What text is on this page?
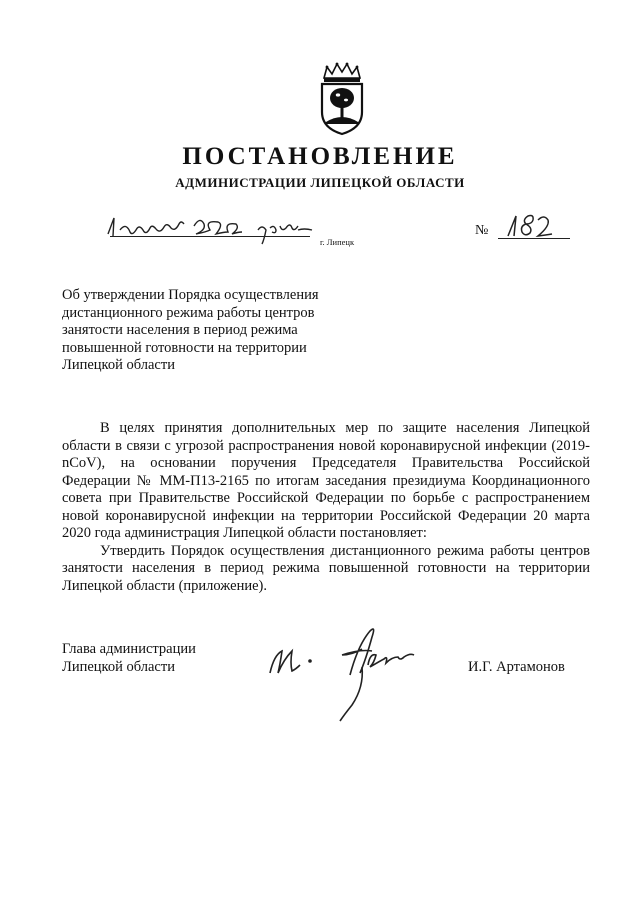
ПОСТАНОВЛЕНИЕ
АДМИНИСТРАЦИИ ЛИПЕЦКОЙ ОБЛАСТИ
г. Липецк
№
Об утверждении Порядка осуществления
дистанционного режима работы центров
занятости населения в период режима
повышенной готовности на территории
Липецкой области

В целях принятия дополнительных мер по защите населения Липецкой области в связи с угрозой распространения новой коронавирусной инфекции (2019-nCoV), на основании поручения Председателя Правительства Российской Федерации № ММ-П13-2165 по итогам заседания президиума Координационного совета при Правительстве Российской Федерации по борьбе с распространением новой коронавирусной инфекции на территории Российской Федерации 20 марта 2020 года администрация Липецкой области постановляет:

Утвердить Порядок осуществления дистанционного режима работы центров занятости населения в период режима повышенной готовности на территории Липецкой области (приложение).

Глава администрации
Липецкой области	И.Г. Артамонов
